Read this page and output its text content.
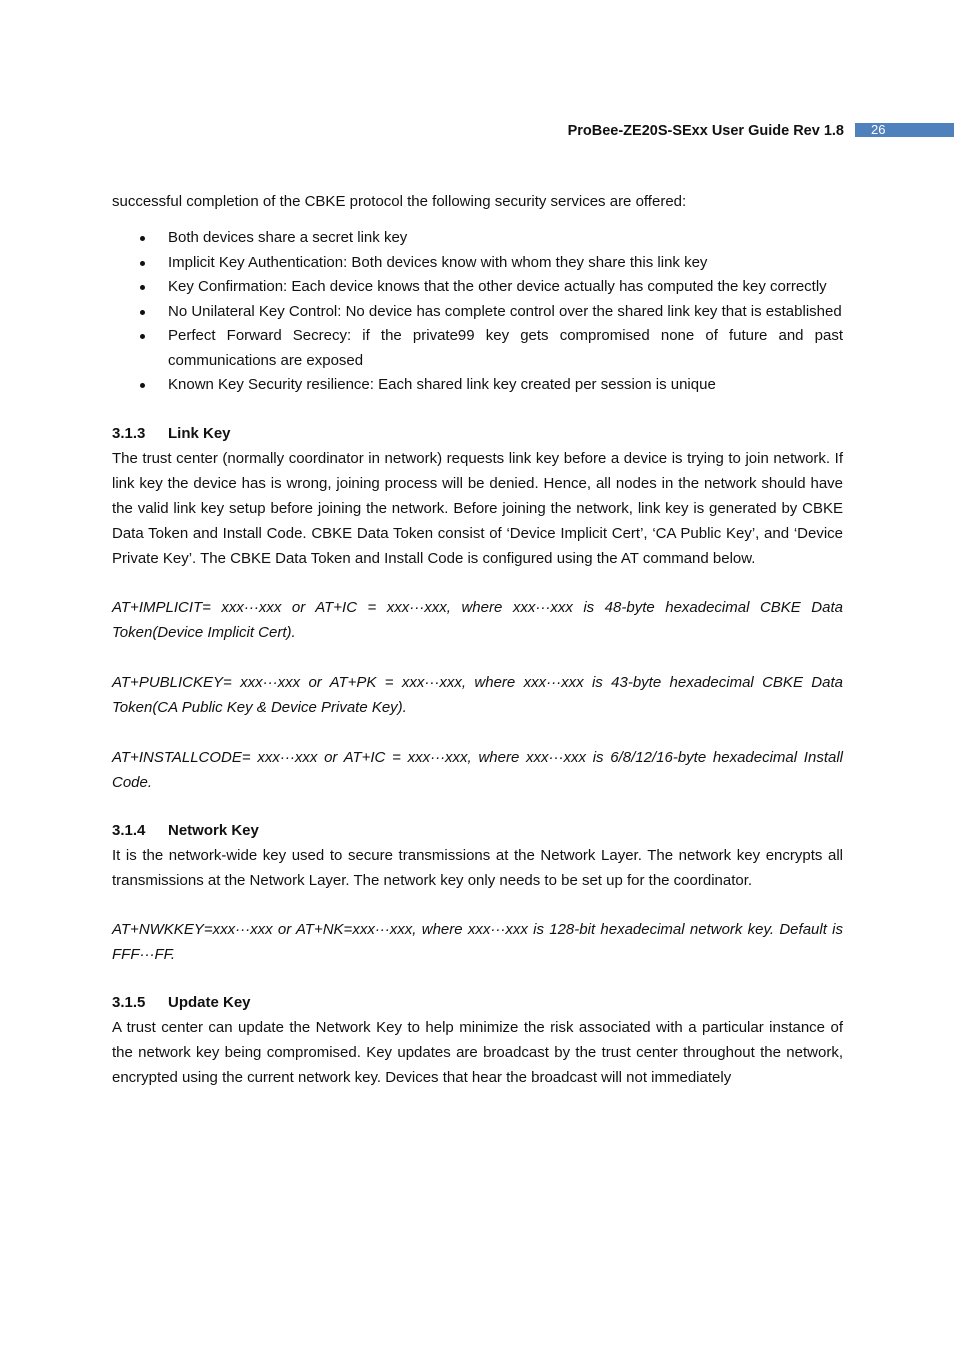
ProBee-ZE20S-SExx User Guide Rev 1.8	26

successful completion of the CBKE protocol the following security services are offered:

Both devices share a secret link key
Implicit Key Authentication: Both devices know with whom they share this link key
Key Confirmation: Each device knows that the other device actually has computed the key correctly
No Unilateral Key Control: No device has complete control over the shared link key that is established
Perfect Forward Secrecy: if the private99 key gets compromised none of future and past communications are exposed
Known Key Security resilience: Each shared link key created per session is unique
3.1.3	Link Key

The trust center (normally coordinator in network) requests link key before a device is trying to join network. If link key the device has is wrong, joining process will be denied. Hence, all nodes in the network should have the valid link key setup before joining the network. Before joining the network, link key is generated by CBKE Data Token and Install Code. CBKE Data Token consist of ‘Device Implicit Cert’, ‘CA Public Key’, and ‘Device Private Key’. The CBKE Data Token and Install Code is configured using the AT command below.

AT+IMPLICIT= xxx···xxx or AT+IC = xxx···xxx, where xxx···xxx is 48-byte hexadecimal CBKE Data Token(Device Implicit Cert).

AT+PUBLICKEY= xxx···xxx or AT+PK = xxx···xxx, where xxx···xxx is 43-byte hexadecimal CBKE Data Token(CA Public Key & Device Private Key).

AT+INSTALLCODE= xxx···xxx or AT+IC = xxx···xxx, where xxx···xxx is 6/8/12/16-byte hexadecimal Install Code.

3.1.4	Network Key

It is the network-wide key used to secure transmissions at the Network Layer. The network key encrypts all transmissions at the Network Layer. The network key only needs to be set up for the coordinator.

AT+NWKKEY=xxx···xxx or AT+NK=xxx···xxx, where xxx···xxx is 128-bit hexadecimal network key. Default is FFF···FF.

3.1.5	Update Key

A trust center can update the Network Key to help minimize the risk associated with a particular instance of the network key being compromised. Key updates are broadcast by the trust center throughout the network, encrypted using the current network key. Devices that hear the broadcast will not immediately
